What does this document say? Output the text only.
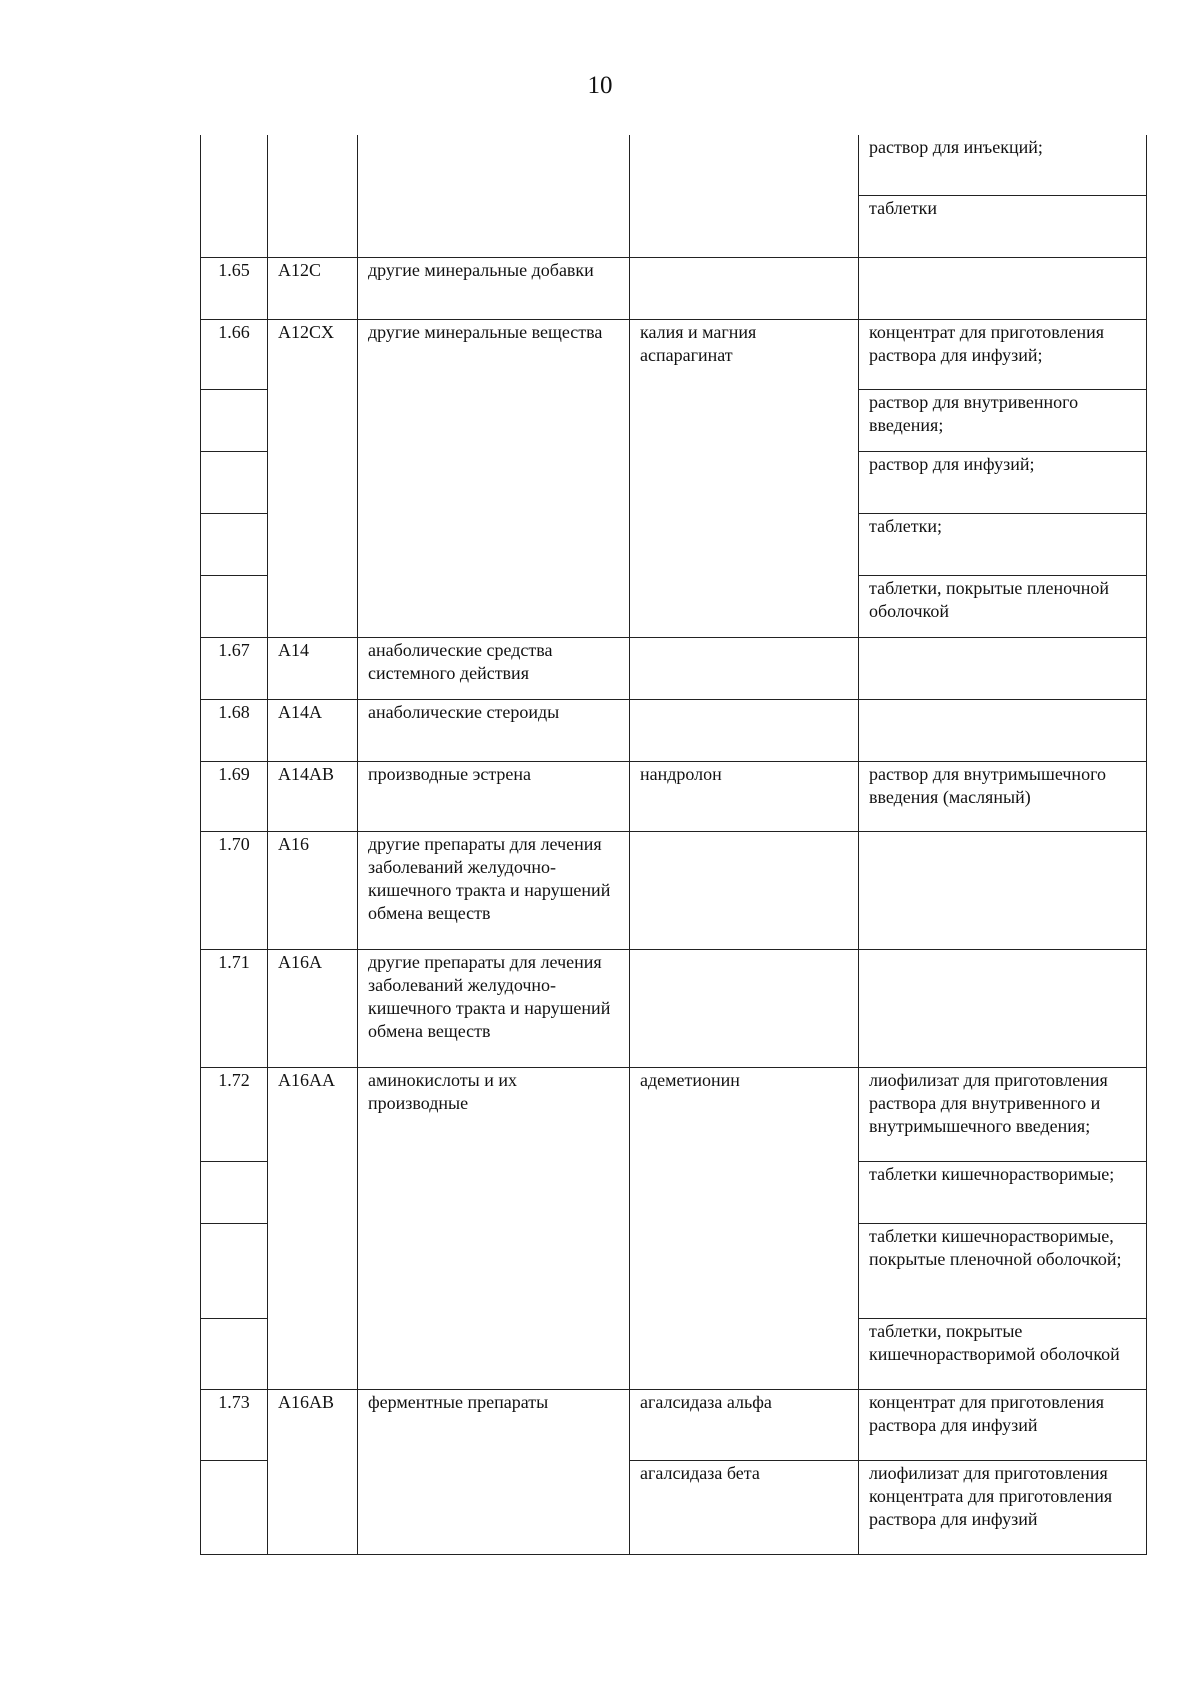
10
				раствор для инъекций;
				таблетки
1.65	A12C	другие минеральные добавки		
1.66	A12CX	другие минеральные вещества	калия и магния аспарагинат	концентрат для приготовления раствора для инфузий;
				раствор для внутривенного введения;
				раствор для инфузий;
				таблетки;
				таблетки, покрытые пленочной оболочкой
1.67	A14	анаболические средства системного действия		
1.68	A14A	анаболические стероиды		
1.69	A14AB	производные эстрена	нандролон	раствор для внутримышечного введения (масляный)
1.70	A16	другие препараты для лечения заболеваний желудочно-кишечного тракта и нарушений обмена веществ		
1.71	A16A	другие препараты для лечения заболеваний желудочно-кишечного тракта и нарушений обмена веществ		
1.72	A16AA	аминокислоты и их производные	адеметионин	лиофилизат для приготовления раствора для внутривенного и внутримышечного введения;
				таблетки кишечнорастворимые;
				таблетки кишечнорастворимые, покрытые пленочной оболочкой;
				таблетки, покрытые кишечнорастворимой оболочкой
1.73	A16AB	ферментные препараты	агалсидаза альфа	концентрат для приготовления раствора для инфузий
			агалсидаза бета	лиофилизат для приготовления концентрата для приготовления раствора для инфузий
